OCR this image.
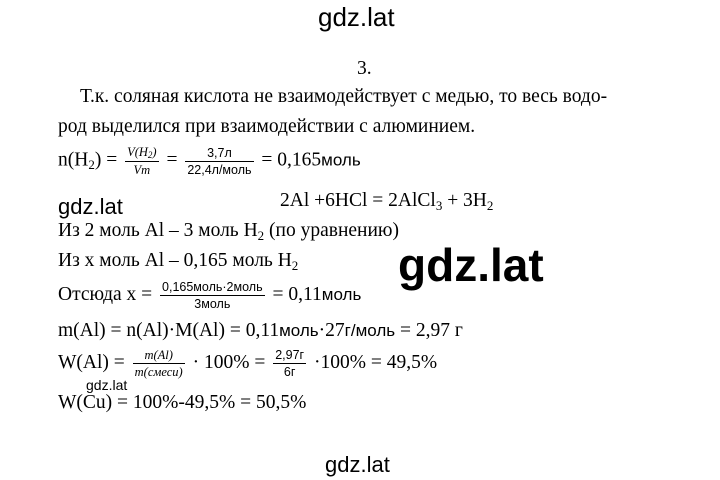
gdz.lat
gdz.lat
gdz.lat
gdz.lat
gdz.lat
3.
Т.к. соляная кислота не взаимодействует с медью, то весь водо-
род выделился при взаимодействии с алюминием.
$n(H_2) = \frac{V(H2)}{Vm} = \frac{3,7л}{\text{22,4л/моль}}$ = 0,165моль
2Al +6HCl = 2AlCl$_3$ + $3H_2$
Из 2 моль Al – 3 моль $H_2$ (по уравнению)
Из x моль Al – 0,165 моль $H_2$
Отсюда $x = \frac{\text{0,165моль·2моль}}{\text{3моль}}$ = 0,11моль
m(Al) = n(Al)·M(Al) = 0,11моль·27г/моль = 2,97 г
$W(Al) = \frac{m(Al)}{\text{m(смеси)}} \cdot 100\% = \frac{2,97г}{6г} \cdot 100\% = 49,5\%$
W(Cu) = 100%-49,5% = 50,5%
